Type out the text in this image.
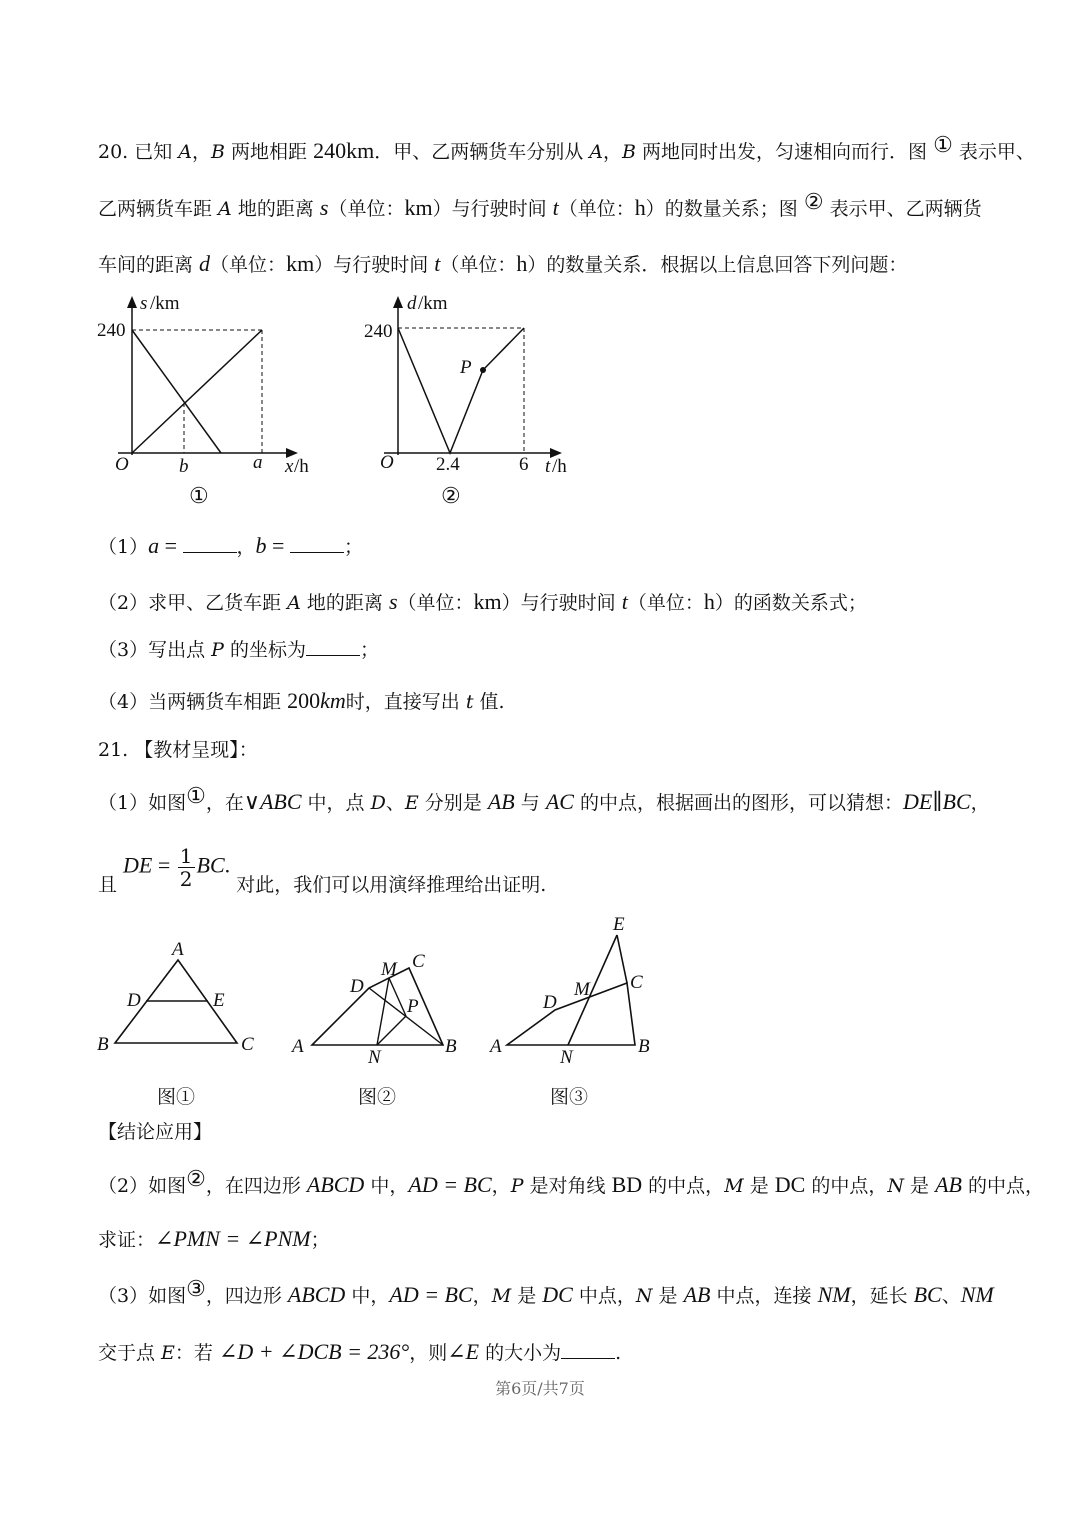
20. 已知 A，B 两地相距 240km．甲、乙两辆货车分别从 A，B 两地同时出发，匀速相向而行．图 ① 表示甲、
乙两辆货车距 A 地的距离 s（单位：km）与行驶时间 t（单位：h）的数量关系；图 ② 表示甲、乙两辆货
车间的距离 d（单位：km）与行驶时间 t（单位：h）的数量关系．根据以上信息回答下列问题：
s /km
240
O	b	a x /h
①
P
d /km
240
O 2.4	6 t /h
②
A
B	C
D	E
图①
A	B
C
D
M
N
P
图②
A	B
C
D
E
M
N
图③
（1）a =	，b =	；
（2）求甲、乙货车距 A 地的距离 s（单位：km）与行驶时间 t（单位：h）的函数关系式；
（3）写出点 P 的坐标为	；
（4）当两辆货车相距 200km时，直接写出 t 值.
21. 【教材呈现】：
（1）如图①，在∨ABC 中，点 D、E 分别是 AB 与 AC 的中点，根据画出的图形，可以猜想：DE∥BC，
且 DE = $\frac{1}{2}$ BC. 对此，我们可以用演绎推理给出证明.
【结论应用】
（2）如图②，在四边形 ABCD 中，AD = BC，P 是对角线 BD 的中点，M 是 DC 的中点，N 是 AB 的中点，
求证：∠PMN = ∠PNM；
（3）如图③，四边形 ABCD 中，AD = BC，M 是 DC 中点，N 是 AB 中点，连接 NM，延长 BC、NM
交于点 E：若 ∠D + ∠DCB = 236°，则∠E 的大小为	.
第6页/共7页
